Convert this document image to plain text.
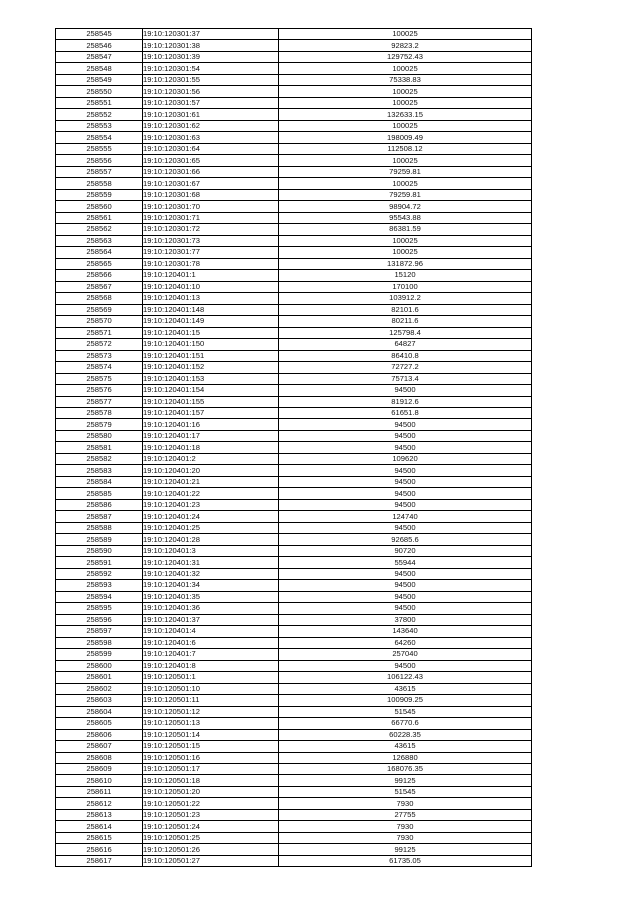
258545	19:10:120301:37	100025
258546	19:10:120301:38	92823.2
258547	19:10:120301:39	129752.43
258548	19:10:120301:54	100025
258549	19:10:120301:55	75338.83
258550	19:10:120301:56	100025
258551	19:10:120301:57	100025
258552	19:10:120301:61	132633.15
258553	19:10:120301:62	100025
258554	19:10:120301:63	198009.49
258555	19:10:120301:64	112508.12
258556	19:10:120301:65	100025
258557	19:10:120301:66	79259.81
258558	19:10:120301:67	100025
258559	19:10:120301:68	79259.81
258560	19:10:120301:70	98904.72
258561	19:10:120301:71	95543.88
258562	19:10:120301:72	86381.59
258563	19:10:120301:73	100025
258564	19:10:120301:77	100025
258565	19:10:120301:78	131872.96
258566	19:10:120401:1	15120
258567	19:10:120401:10	170100
258568	19:10:120401:13	103912.2
258569	19:10:120401:148	82101.6
258570	19:10:120401:149	80211.6
258571	19:10:120401:15	125798.4
258572	19:10:120401:150	64827
258573	19:10:120401:151	86410.8
258574	19:10:120401:152	72727.2
258575	19:10:120401:153	75713.4
258576	19:10:120401:154	94500
258577	19:10:120401:155	81912.6
258578	19:10:120401:157	61651.8
258579	19:10:120401:16	94500
258580	19:10:120401:17	94500
258581	19:10:120401:18	94500
258582	19:10:120401:2	109620
258583	19:10:120401:20	94500
258584	19:10:120401:21	94500
258585	19:10:120401:22	94500
258586	19:10:120401:23	94500
258587	19:10:120401:24	124740
258588	19:10:120401:25	94500
258589	19:10:120401:28	92685.6
258590	19:10:120401:3	90720
258591	19:10:120401:31	55944
258592	19:10:120401:32	94500
258593	19:10:120401:34	94500
258594	19:10:120401:35	94500
258595	19:10:120401:36	94500
258596	19:10:120401:37	37800
258597	19:10:120401:4	143640
258598	19:10:120401:6	64260
258599	19:10:120401:7	257040
258600	19:10:120401:8	94500
258601	19:10:120501:1	106122.43
258602	19:10:120501:10	43615
258603	19:10:120501:11	100909.25
258604	19:10:120501:12	51545
258605	19:10:120501:13	66770.6
258606	19:10:120501:14	60228.35
258607	19:10:120501:15	43615
258608	19:10:120501:16	126880
258609	19:10:120501:17	168076.35
258610	19:10:120501:18	99125
258611	19:10:120501:20	51545
258612	19:10:120501:22	7930
258613	19:10:120501:23	27755
258614	19:10:120501:24	7930
258615	19:10:120501:25	7930
258616	19:10:120501:26	99125
258617	19:10:120501:27	61735.05
